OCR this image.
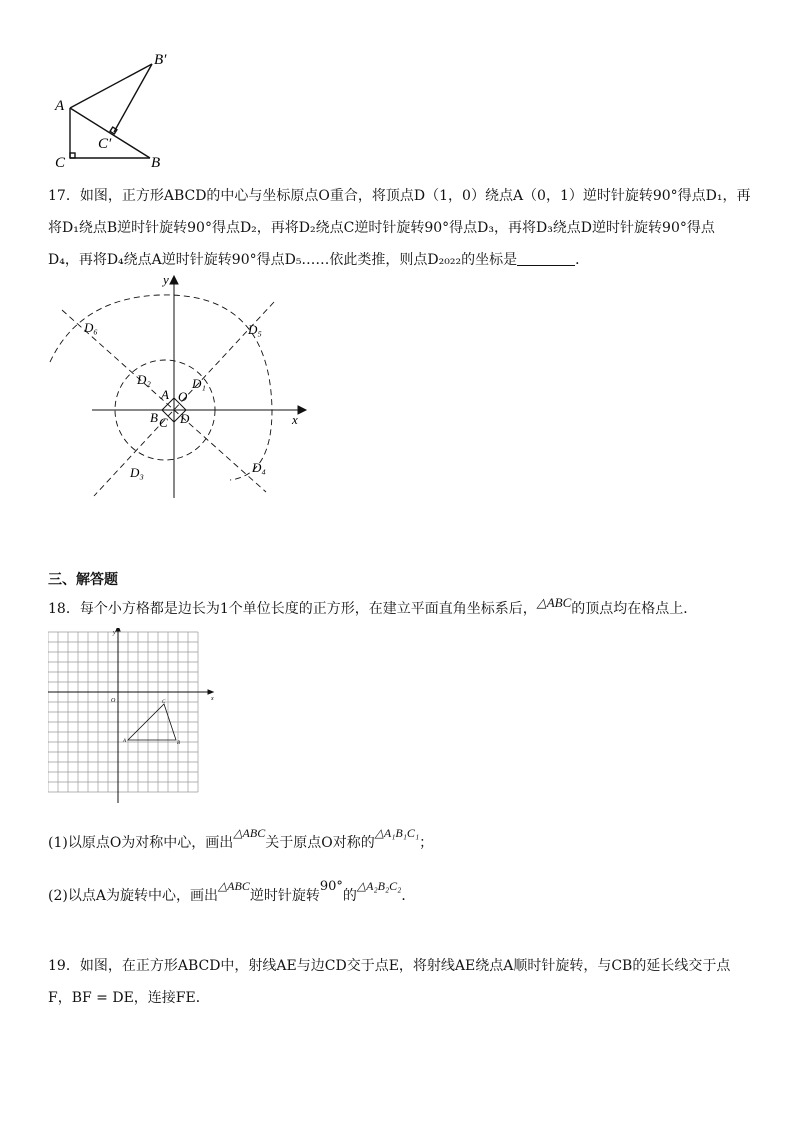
B′
A
C′
C	B
17．如图，正方形ABCD的中心与坐标原点O重合，将顶点D（1，0）绕点A（0，1）逆时针旋转90°得点D₁，再
将D₁绕点B逆时针旋转90°得点D₂，再将D₂绕点C逆时针旋转90°得点D₃，再将D₃绕点D逆时针旋转90°得点
D₄，再将D₄绕点A逆时针旋转90°得点D₅……依此类推，则点D₂₀₂₂的坐标是	．
y
x
D₆	D₅
D₂	D₁
A O
B C D
D₃	D₄
三、解答题
18．每个小方格都是边长为1个单位长度的正方形，在建立平面直角坐标系后，△ABC的顶点均在格点上．
y
x
O
A	B
C
(1)以原点O为对称中心，画出△ABC关于原点O对称的△A₁B₁C₁；
(2)以点A为旋转中心，画出△ABC逆时针旋转90°的△A₂B₂C₂．
19．如图，在正方形ABCD中，射线AE与边CD交于点E，将射线AE绕点A顺时针旋转，与CB的延长线交于点
F，BF = DE，连接FE．
